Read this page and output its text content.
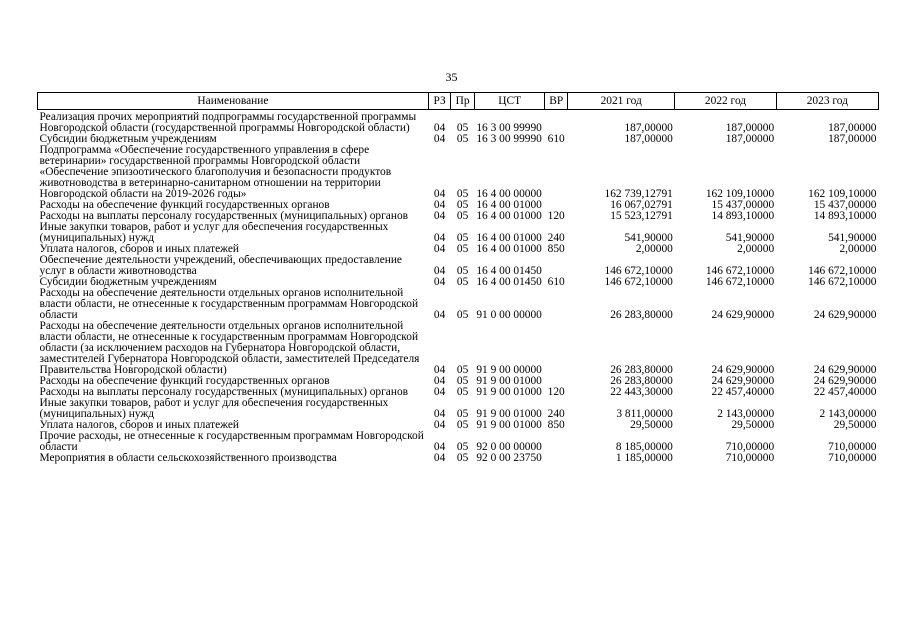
35
Наименование	РЗ	Пр	ЦСТ	ВР	2021 год	2022 год	2023 год
Реализация прочих мероприятий подпрограммы государственной программы Новгородской области (государственной программы Новгородской области)	04	05	16 3 00 99990		187,00000	187,00000	187,00000
Субсидии бюджетным учреждениям	04	05	16 3 00 99990	610	187,00000	187,00000	187,00000
Подпрограмма «Обеспечение государственного управления в сфере ветеринарии» государственной программы Новгородской области «Обеспечение эпизоотического благополучия и безопасности продуктов животноводства в ветеринарно-санитарном отношении на территории Новгородской области на 2019-2026 годы»	04	05	16 4 00 00000		162 739,12791	162 109,10000	162 109,10000
Расходы на обеспечение функций государственных органов	04	05	16 4 00 01000		16 067,02791	15 437,00000	15 437,00000
Расходы на выплаты персоналу государственных (муниципальных) органов	04	05	16 4 00 01000	120	15 523,12791	14 893,10000	14 893,10000
Иные закупки товаров, работ и услуг для обеспечения государственных (муниципальных) нужд	04	05	16 4 00 01000	240	541,90000	541,90000	541,90000
Уплата налогов, сборов и иных платежей	04	05	16 4 00 01000	850	2,00000	2,00000	2,00000
Обеспечение деятельности учреждений, обеспечивающих предоставление услуг в области животноводства	04	05	16 4 00 01450		146 672,10000	146 672,10000	146 672,10000
Субсидии бюджетным учреждениям	04	05	16 4 00 01450	610	146 672,10000	146 672,10000	146 672,10000
Расходы на обеспечение деятельности отдельных органов исполнительной власти области, не отнесенные к государственным программам Новгородской области	04	05	91 0 00 00000		26 283,80000	24 629,90000	24 629,90000
Расходы на обеспечение деятельности отдельных органов исполнительной власти области, не отнесенные к государственным программам Новгородской области (за исключением расходов на Губернатора Новгородской области, заместителей Губернатора Новгородской области, заместителей Председателя Правительства Новгородской области)	04	05	91 9 00 00000		26 283,80000	24 629,90000	24 629,90000
Расходы на обеспечение функций государственных органов	04	05	91 9 00 01000		26 283,80000	24 629,90000	24 629,90000
Расходы на выплаты персоналу государственных (муниципальных) органов	04	05	91 9 00 01000	120	22 443,30000	22 457,40000	22 457,40000
Иные закупки товаров, работ и услуг для обеспечения государственных (муниципальных) нужд	04	05	91 9 00 01000	240	3 811,00000	2 143,00000	2 143,00000
Уплата налогов, сборов и иных платежей	04	05	91 9 00 01000	850	29,50000	29,50000	29,50000
Прочие расходы, не отнесенные к государственным программам Новгородской области	04	05	92 0 00 00000		8 185,00000	710,00000	710,00000
Мероприятия в области сельскохозяйственного производства	04	05	92 0 00 23750		1 185,00000	710,00000	710,00000
